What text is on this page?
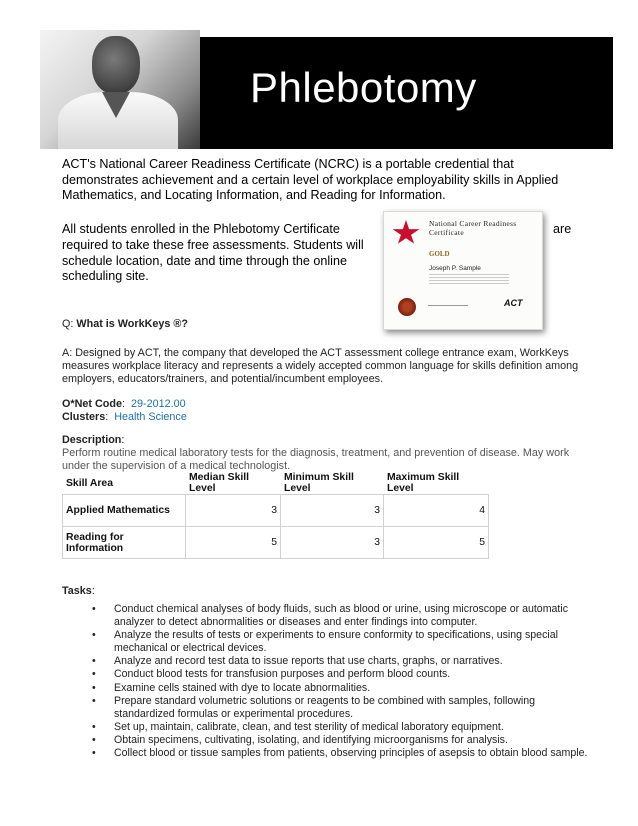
Phlebotomy
ACT's National Career Readiness Certificate (NCRC) is a portable credential that demonstrates achievement and a certain level of workplace employability skills in Applied Mathematics, and Locating Information, and Reading for Information.
All students enrolled in the Phlebotomy Certificate	are
required to take these free assessments. Students will schedule location, date and time through the online scheduling site.
National Career Readiness Certificate
GOLD
Joseph P. Sample
ACT
Q: What is WorkKeys ®?
A: Designed by ACT, the company that developed the ACT assessment college entrance exam, WorkKeys measures workplace literacy and represents a widely accepted common language for skills definition among employers, educators/trainers, and potential/incumbent employees.
O*Net Code:  29-2012.00
Clusters:  Health Science
Description:
Perform routine medical laboratory tests for the diagnosis, treatment, and prevention of disease. May work under the supervision of a medical technologist.
Skill Area	Median Skill Level	Minimum Skill Level	Maximum Skill Level
Applied Mathematics	3	3	4
Reading for Information	5	3	5
Tasks:
• Conduct chemical analyses of body fluids, such as blood or urine, using microscope or automatic analyzer to detect abnormalities or diseases and enter findings into computer.
• Analyze the results of tests or experiments to ensure conformity to specifications, using special mechanical or electrical devices.
• Analyze and record test data to issue reports that use charts, graphs, or narratives.
• Conduct blood tests for transfusion purposes and perform blood counts.
• Examine cells stained with dye to locate abnormalities.
• Prepare standard volumetric solutions or reagents to be combined with samples, following standardized formulas or experimental procedures.
• Set up, maintain, calibrate, clean, and test sterility of medical laboratory equipment.
• Obtain specimens, cultivating, isolating, and identifying microorganisms for analysis.
• Collect blood or tissue samples from patients, observing principles of asepsis to obtain blood sample.
